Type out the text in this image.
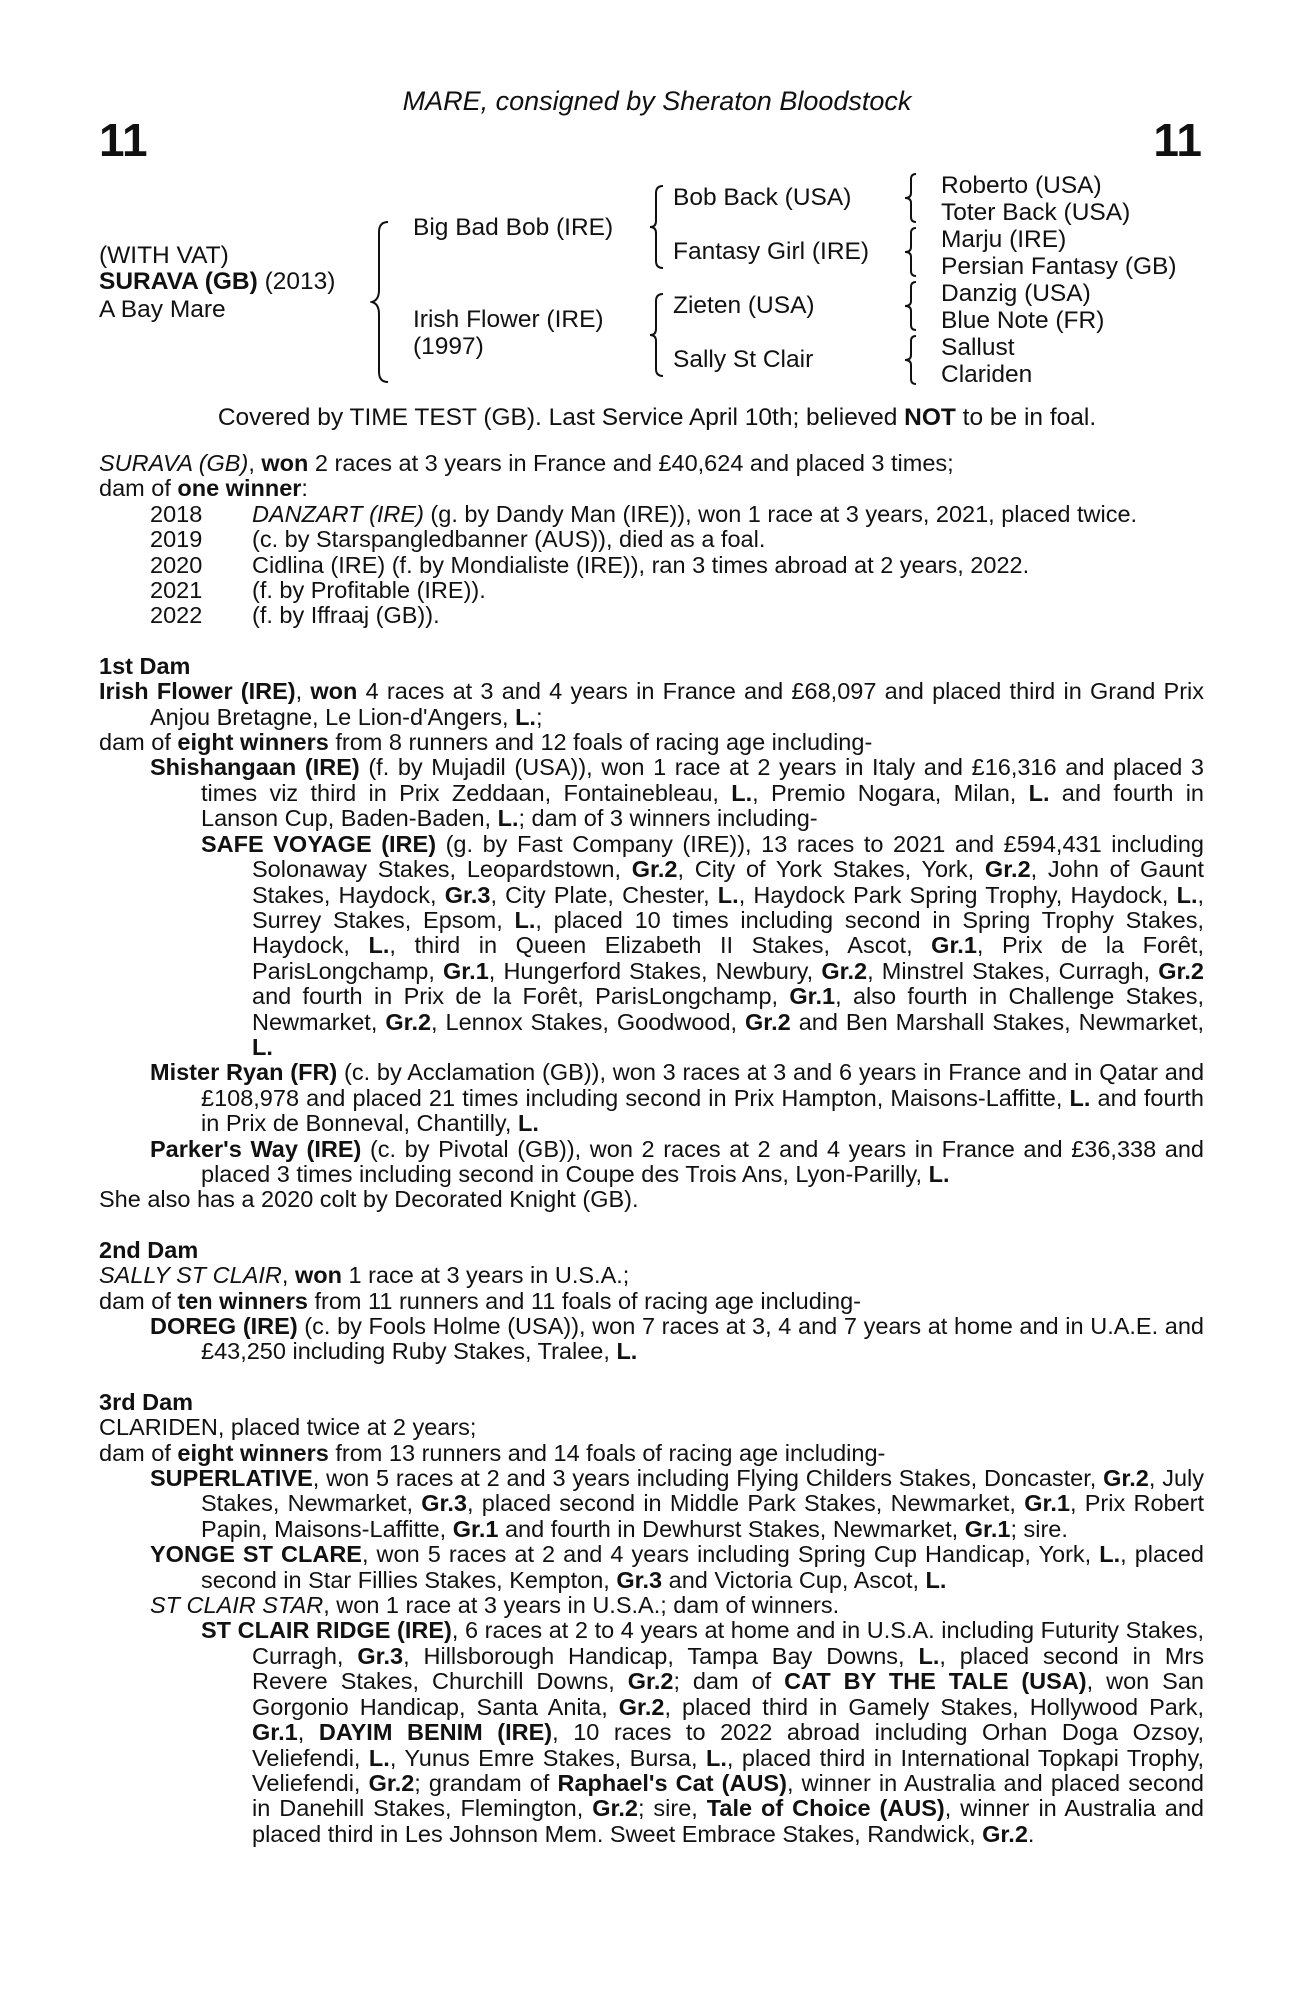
11	11
MARE, consigned by Sheraton Bloodstock
(WITH VAT)
SURAVA (GB) (2013)
A Bay Mare
Big Bad Bob (IRE)
Irish Flower (IRE)
(1997)
Bob Back (USA)
Fantasy Girl (IRE)
Zieten (USA)
Sally St Clair
Roberto (USA)
Toter Back (USA)
Marju (IRE)
Persian Fantasy (GB)
Danzig (USA)
Blue Note (FR)
Sallust
Clariden
Covered by TIME TEST (GB). Last Service April 10th; believed NOT to be in foal.

SURAVA (GB), won 2 races at 3 years in France and £40,624 and placed 3 times;

dam of one winner:

2018	DANZART (IRE) (g. by Dandy Man (IRE)), won 1 race at 3 years, 2021, placed twice.
2019	(c. by Starspangledbanner (AUS)), died as a foal.
2020	Cidlina (IRE) (f. by Mondialiste (IRE)), ran 3 times abroad at 2 years, 2022.
2021	(f. by Profitable (IRE)).
2022	(f. by Iffraaj (GB)).

1st Dam

Irish Flower (IRE), won 4 races at 3 and 4 years in France and £68,097 and placed third in Grand Prix Anjou Bretagne, Le Lion-d'Angers, L.;

dam of eight winners from 8 runners and 12 foals of racing age including-

Shishangaan (IRE) (f. by Mujadil (USA)), won 1 race at 2 years in Italy and £16,316 and placed 3 times viz third in Prix Zeddaan, Fontainebleau, L., Premio Nogara, Milan, L. and fourth in Lanson Cup, Baden-Baden, L.; dam of 3 winners including-

SAFE VOYAGE (IRE) (g. by Fast Company (IRE)), 13 races to 2021 and £594,431 including Solonaway Stakes, Leopardstown, Gr.2, City of York Stakes, York, Gr.2, John of Gaunt Stakes, Haydock, Gr.3, City Plate, Chester, L., Haydock Park Spring Trophy, Haydock, L., Surrey Stakes, Epsom, L., placed 10 times including second in Spring Trophy Stakes, Haydock, L., third in Queen Elizabeth II Stakes, Ascot, Gr.1, Prix de la Forêt, ParisLongchamp, Gr.1, Hungerford Stakes, Newbury, Gr.2, Minstrel Stakes, Curragh, Gr.2 and fourth in Prix de la Forêt, ParisLongchamp, Gr.1, also fourth in Challenge Stakes, Newmarket, Gr.2, Lennox Stakes, Goodwood, Gr.2 and Ben Marshall Stakes, Newmarket, L.

Mister Ryan (FR) (c. by Acclamation (GB)), won 3 races at 3 and 6 years in France and in Qatar and £108,978 and placed 21 times including second in Prix Hampton, Maisons-Laffitte, L. and fourth in Prix de Bonneval, Chantilly, L.

Parker's Way (IRE) (c. by Pivotal (GB)), won 2 races at 2 and 4 years in France and £36,338 and placed 3 times including second in Coupe des Trois Ans, Lyon-Parilly, L.

She also has a 2020 colt by Decorated Knight (GB).

2nd Dam

SALLY ST CLAIR, won 1 race at 3 years in U.S.A.;

dam of ten winners from 11 runners and 11 foals of racing age including-

DOREG (IRE) (c. by Fools Holme (USA)), won 7 races at 3, 4 and 7 years at home and in U.A.E. and £43,250 including Ruby Stakes, Tralee, L.

3rd Dam

CLARIDEN, placed twice at 2 years;

dam of eight winners from 13 runners and 14 foals of racing age including-

SUPERLATIVE, won 5 races at 2 and 3 years including Flying Childers Stakes, Doncaster, Gr.2, July Stakes, Newmarket, Gr.3, placed second in Middle Park Stakes, Newmarket, Gr.1, Prix Robert Papin, Maisons-Laffitte, Gr.1 and fourth in Dewhurst Stakes, Newmarket, Gr.1; sire.

YONGE ST CLARE, won 5 races at 2 and 4 years including Spring Cup Handicap, York, L., placed second in Star Fillies Stakes, Kempton, Gr.3 and Victoria Cup, Ascot, L.

ST CLAIR STAR, won 1 race at 3 years in U.S.A.; dam of winners.

ST CLAIR RIDGE (IRE), 6 races at 2 to 4 years at home and in U.S.A. including Futurity Stakes, Curragh, Gr.3, Hillsborough Handicap, Tampa Bay Downs, L., placed second in Mrs Revere Stakes, Churchill Downs, Gr.2; dam of CAT BY THE TALE (USA), won San Gorgonio Handicap, Santa Anita, Gr.2, placed third in Gamely Stakes, Hollywood Park, Gr.1, DAYIM BENIM (IRE), 10 races to 2022 abroad including Orhan Doga Ozsoy, Veliefendi, L., Yunus Emre Stakes, Bursa, L., placed third in International Topkapi Trophy, Veliefendi, Gr.2; grandam of Raphael's Cat (AUS), winner in Australia and placed second in Danehill Stakes, Flemington, Gr.2; sire, Tale of Choice (AUS), winner in Australia and placed third in Les Johnson Mem. Sweet Embrace Stakes, Randwick, Gr.2.
